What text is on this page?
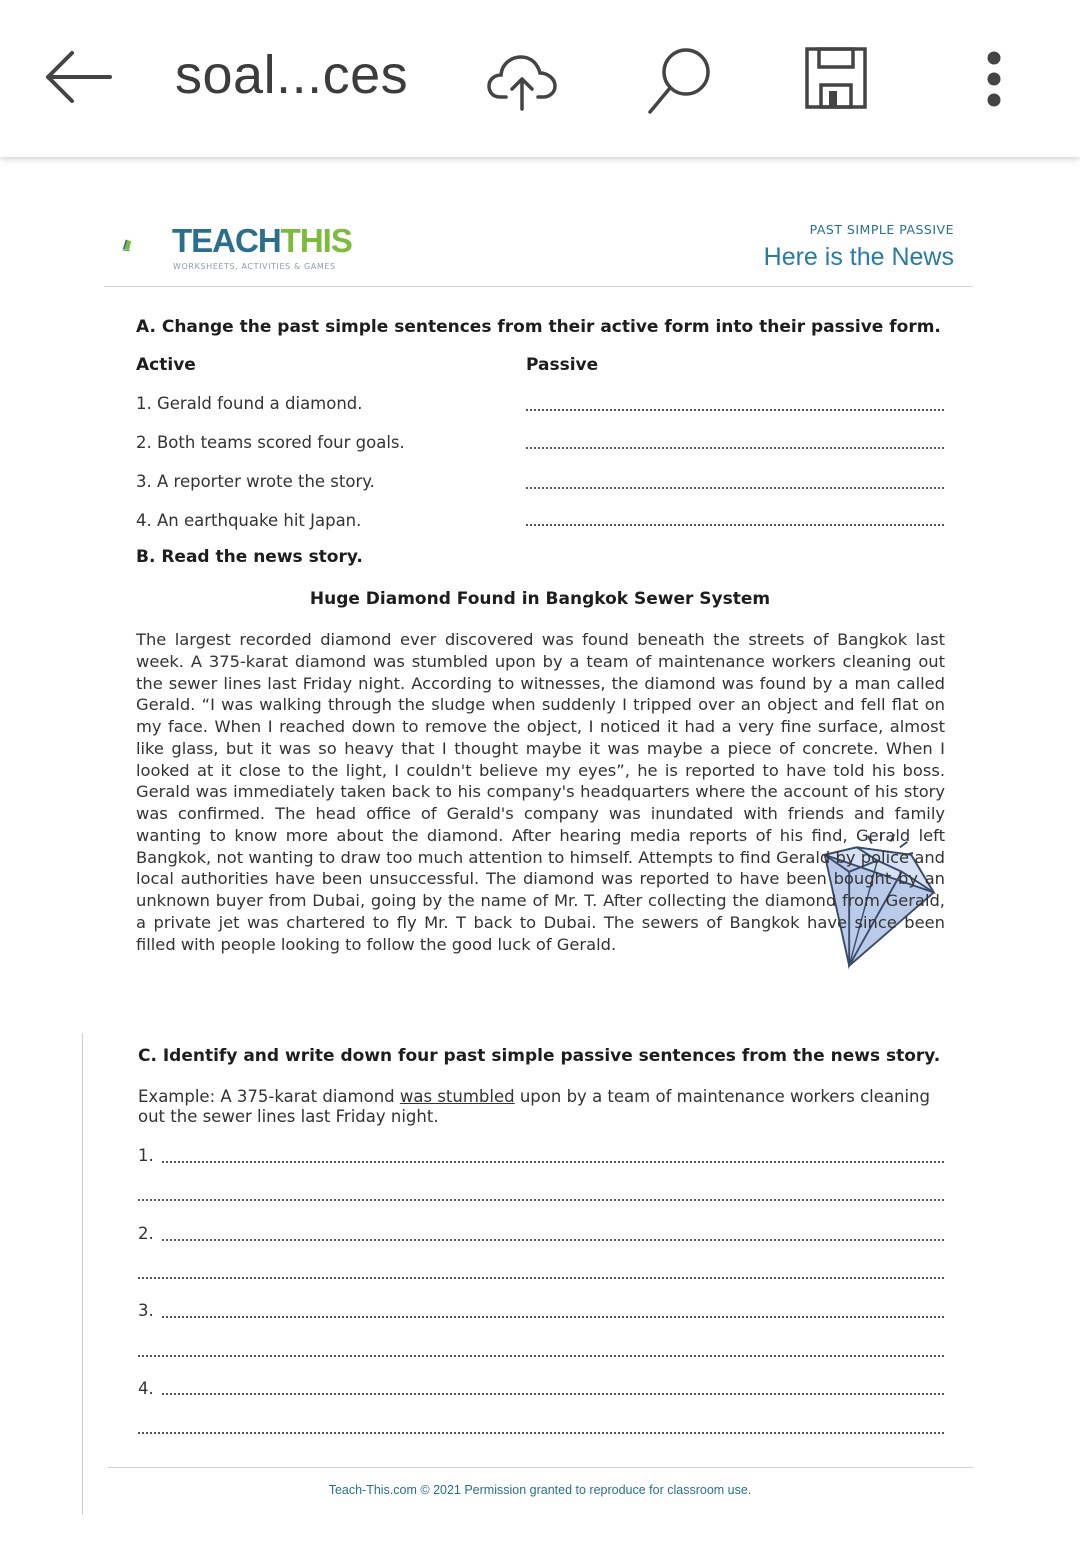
soal...ces
TEACHTHIS
WORKSHEETS, ACTIVITIES & GAMES
PAST SIMPLE PASSIVE
Here is the News
A. Change the past simple sentences from their active form into their passive form.
Active	Passive
1. Gerald found a diamond.
2. Both teams scored four goals.
3. A reporter wrote the story.
4. An earthquake hit Japan.
B. Read the news story.
Huge Diamond Found in Bangkok Sewer System
The largest recorded diamond ever discovered was found beneath the streets of Bangkok last week. A 375-karat diamond was stumbled upon by a team of maintenance workers cleaning out the sewer lines last Friday night. According to witnesses, the diamond was found by a man called Gerald. “I was walking through the sludge when suddenly I tripped over an object and fell flat on my face. When I reached down to remove the object, I noticed it had a very fine surface, almost like glass, but it was so heavy that I thought maybe it was maybe a piece of concrete. When I looked at it close to the light, I couldn't believe my eyes”, he is reported to have told his boss. Gerald was immediately taken back to his company's headquarters where the account of his story was confirmed. The head office of Gerald's company was inundated with friends and family wanting to know more about the diamond. After hearing media reports of his find, Gerald left Bangkok, not wanting to draw too much attention to himself. Attempts to find Gerald by police and local authorities have been unsuccessful. The diamond was reported to have been bought by an unknown buyer from Dubai, going by the name of Mr. T. After collecting the diamond from Gerald, a private jet was chartered to fly Mr. T back to Dubai. The sewers of Bangkok have since been filled with people looking to follow the good luck of Gerald.
C. Identify and write down four past simple passive sentences from the news story.
Example: A 375-karat diamond was stumbled upon by a team of maintenance workers cleaning out the sewer lines last Friday night.
1.
2.
3.
4.
Teach-This.com © 2021 Permission granted to reproduce for classroom use.
